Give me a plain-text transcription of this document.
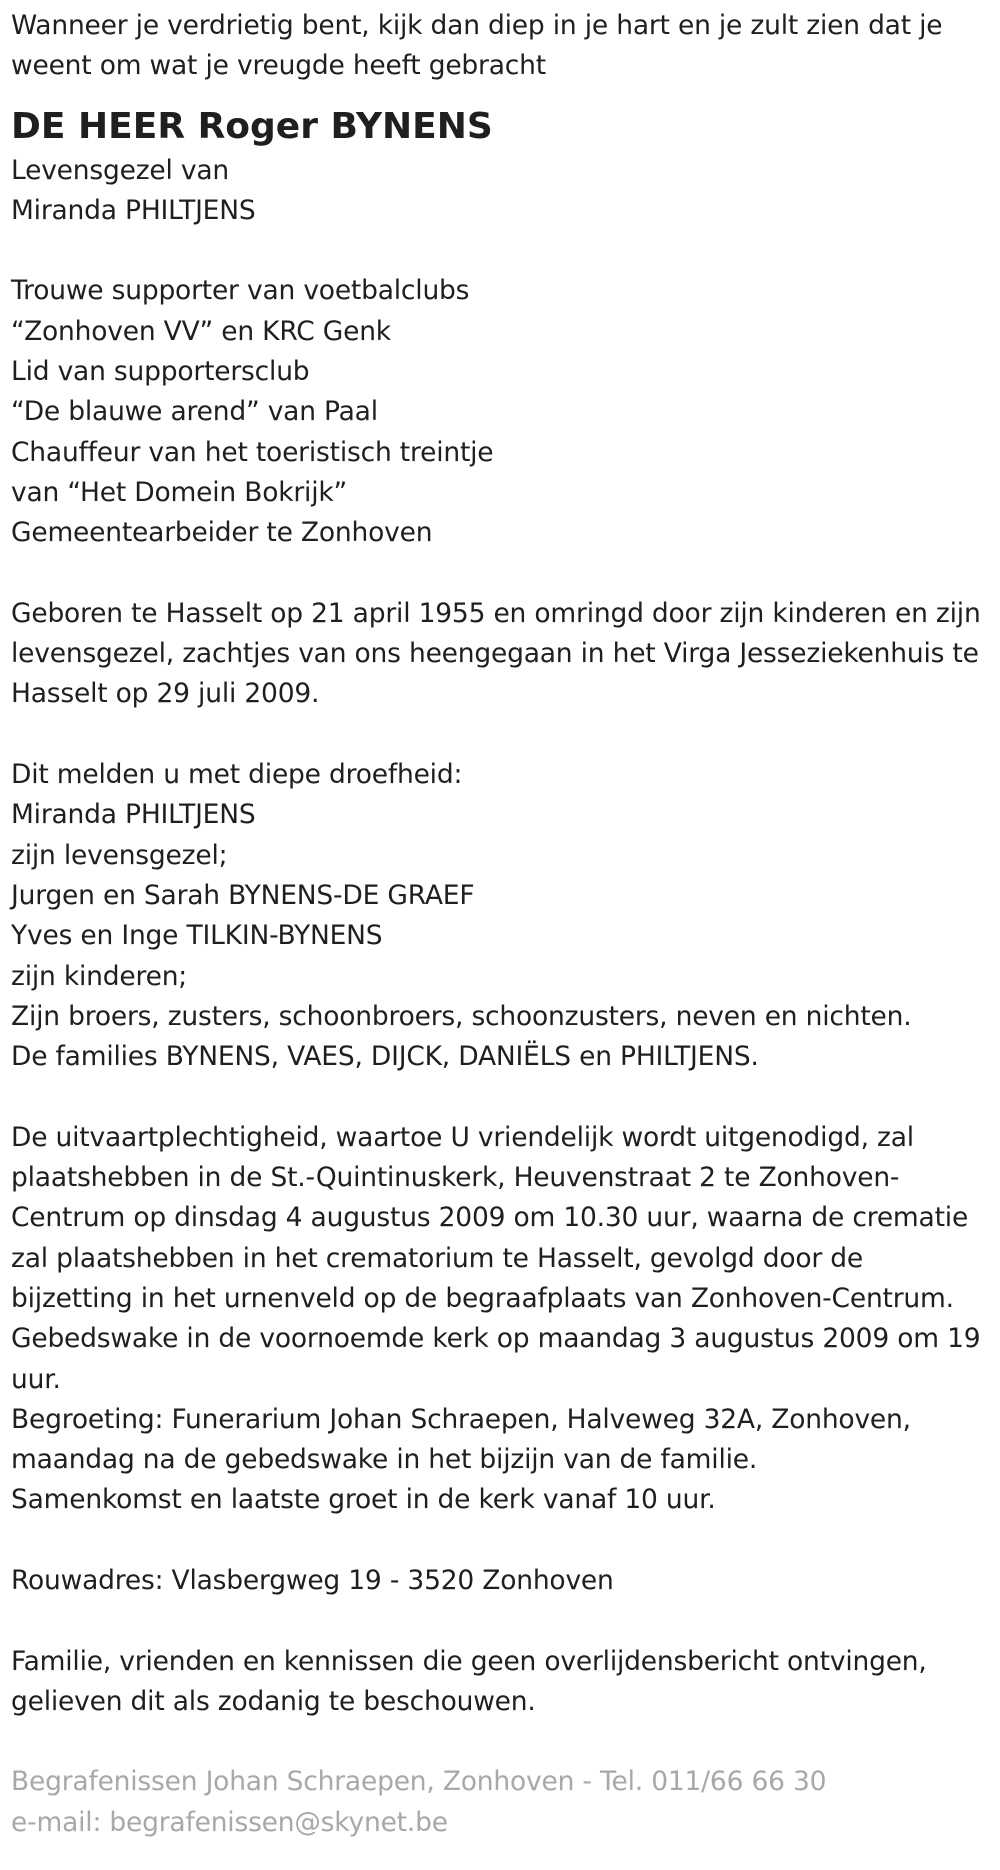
Wanneer je verdrietig bent, kijk dan diep in je hart en je zult zien dat je
weent om wat je vreugde heeft gebracht
DE HEER Roger BYNENS
Levensgezel van
Miranda PHILTJENS
Trouwe supporter van voetbalclubs
“Zonhoven VV” en KRC Genk
Lid van supportersclub
“De blauwe arend” van Paal
Chauffeur van het toeristisch treintje
van “Het Domein Bokrijk”
Gemeentearbeider te Zonhoven
Geboren te Hasselt op 21 april 1955 en omringd door zijn kinderen en zijn
levensgezel, zachtjes van ons heengegaan in het Virga Jesseziekenhuis te
Hasselt op 29 juli 2009.
Dit melden u met diepe droefheid:
Miranda PHILTJENS
zijn levensgezel;
Jurgen en Sarah BYNENS-DE GRAEF
Yves en Inge TILKIN-BYNENS
zijn kinderen;
Zijn broers, zusters, schoonbroers, schoonzusters, neven en nichten.
De families BYNENS, VAES, DIJCK, DANIËLS en PHILTJENS.
De uitvaartplechtigheid, waartoe U vriendelijk wordt uitgenodigd, zal
plaatshebben in de St.-Quintinuskerk, Heuvenstraat 2 te Zonhoven-
Centrum op dinsdag 4 augustus 2009 om 10.30 uur, waarna de crematie
zal plaatshebben in het crematorium te Hasselt, gevolgd door de
bijzetting in het urnenveld op de begraafplaats van Zonhoven-Centrum.
Gebedswake in de voornoemde kerk op maandag 3 augustus 2009 om 19
uur.
Begroeting: Funerarium Johan Schraepen, Halveweg 32A, Zonhoven,
maandag na de gebedswake in het bijzijn van de familie.
Samenkomst en laatste groet in de kerk vanaf 10 uur.
Rouwadres: Vlasbergweg 19 - 3520 Zonhoven
Familie, vrienden en kennissen die geen overlijdensbericht ontvingen,
gelieven dit als zodanig te beschouwen.
Begrafenissen Johan Schraepen, Zonhoven - Tel. 011/66 66 30
e-mail: begrafenissen@skynet.be
